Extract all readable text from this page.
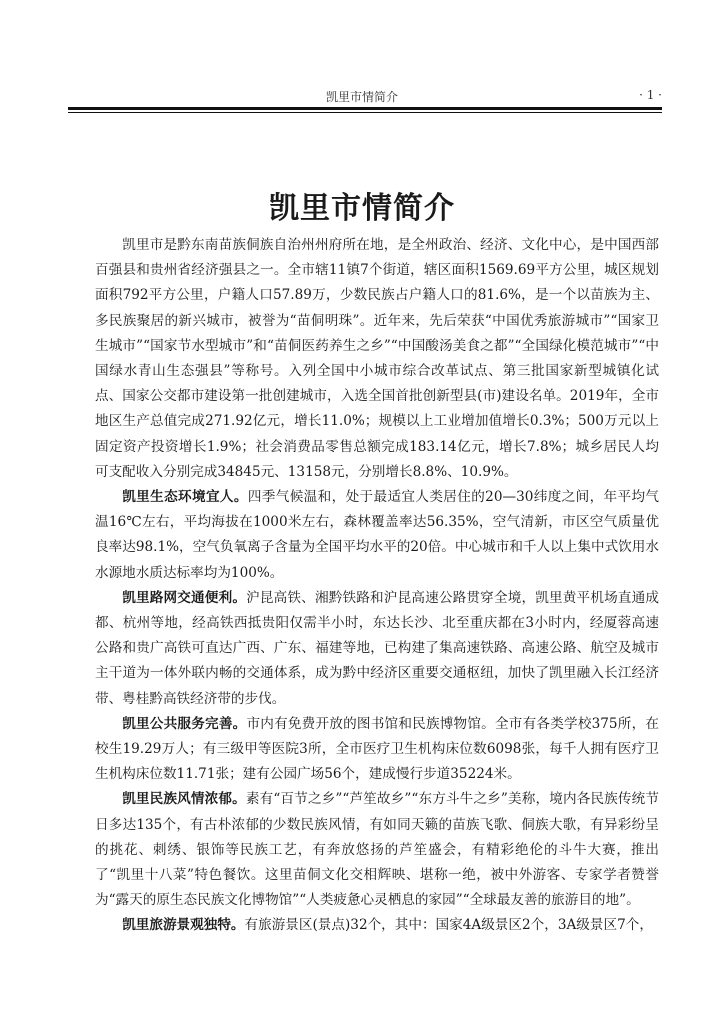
凯里市情简介	· 1 ·
凯里市情简介

凯里市是黔东南苗族侗族自治州州府所在地，是全州政治、经济、文化中心，是中国西部百强县和贵州省经济强县之一。全市辖11镇7个街道，辖区面积1569.69平方公里，城区规划面积792平方公里，户籍人口57.89万，少数民族占户籍人口的81.6%，是一个以苗族为主、多民族聚居的新兴城市，被誉为“苗侗明珠”。近年来，先后荣获“中国优秀旅游城市”“国家卫生城市”“国家节水型城市”和“苗侗医药养生之乡”“中国酸汤美食之都”“全国绿化模范城市”“中国绿水青山生态强县”等称号。入列全国中小城市综合改革试点、第三批国家新型城镇化试点、国家公交都市建设第一批创建城市，入选全国首批创新型县(市)建设名单。2019年，全市地区生产总值完成271.92亿元，增长11.0%；规模以上工业增加值增长0.3%；500万元以上固定资产投资增长1.9%；社会消费品零售总额完成183.14亿元，增长7.8%；城乡居民人均可支配收入分别完成34845元、13158元，分别增长8.8%、10.9%。

凯里生态环境宜人。四季气候温和，处于最适宜人类居住的20—30纬度之间，年平均气温16℃左右，平均海拔在1000米左右，森林覆盖率达56.35%，空气清新，市区空气质量优良率达98.1%，空气负氧离子含量为全国平均水平的20倍。中心城市和千人以上集中式饮用水水源地水质达标率均为100%。

凯里路网交通便利。沪昆高铁、湘黔铁路和沪昆高速公路贯穿全境，凯里黄平机场直通成都、杭州等地，经高铁西抵贵阳仅需半小时，东达长沙、北至重庆都在3小时内，经厦蓉高速公路和贵广高铁可直达广西、广东、福建等地，已构建了集高速铁路、高速公路、航空及城市主干道为一体外联内畅的交通体系，成为黔中经济区重要交通枢纽，加快了凯里融入长江经济带、粤桂黔高铁经济带的步伐。

凯里公共服务完善。市内有免费开放的图书馆和民族博物馆。全市有各类学校375所，在校生19.29万人；有三级甲等医院3所，全市医疗卫生机构床位数6098张，每千人拥有医疗卫生机构床位数11.71张；建有公园广场56个，建成慢行步道35224米。

凯里民族风情浓郁。素有“百节之乡”“芦笙故乡”“东方斗牛之乡”美称，境内各民族传统节日多达135个，有古朴浓郁的少数民族风情，有如同天籁的苗族飞歌、侗族大歌，有异彩纷呈的挑花、刺绣、银饰等民族工艺，有奔放悠扬的芦笙盛会，有精彩绝伦的斗牛大赛，推出了“凯里十八菜”特色餐饮。这里苗侗文化交相辉映、堪称一绝，被中外游客、专家学者赞誉为“露天的原生态民族文化博物馆”“人类疲惫心灵栖息的家园”“全球最友善的旅游目的地”。

凯里旅游景观独特。有旅游景区(景点)32个，其中：国家4A级景区2个，3A级景区7个，
